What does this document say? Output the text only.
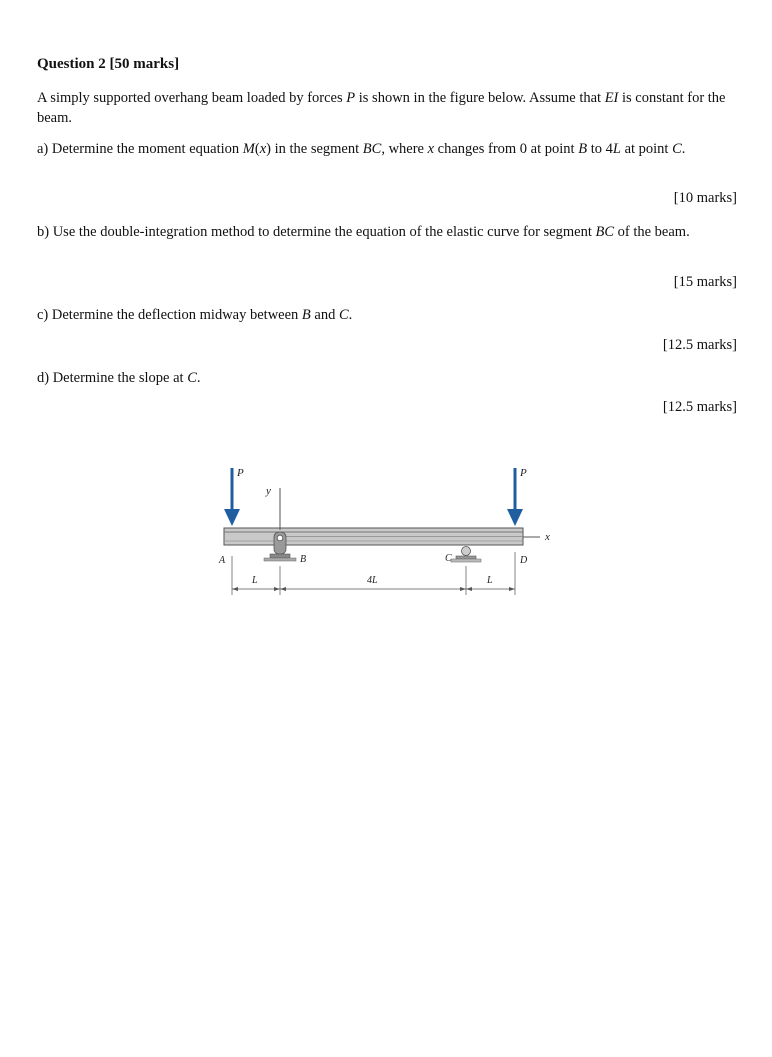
Question 2 [50 marks]
A simply supported overhang beam loaded by forces P is shown in the figure below. Assume that EI is constant for the beam.
a) Determine the moment equation M(x) in the segment BC, where x changes from 0 at point B to 4L at point C.
[10 marks]
b) Use the double-integration method to determine the equation of the elastic curve for segment BC of the beam.
[15 marks]
c) Determine the deflection midway between B and C.
[12.5 marks]
d) Determine the slope at C.
[12.5 marks]
x
y
P	P
A	B	C	D
L	4L	L
